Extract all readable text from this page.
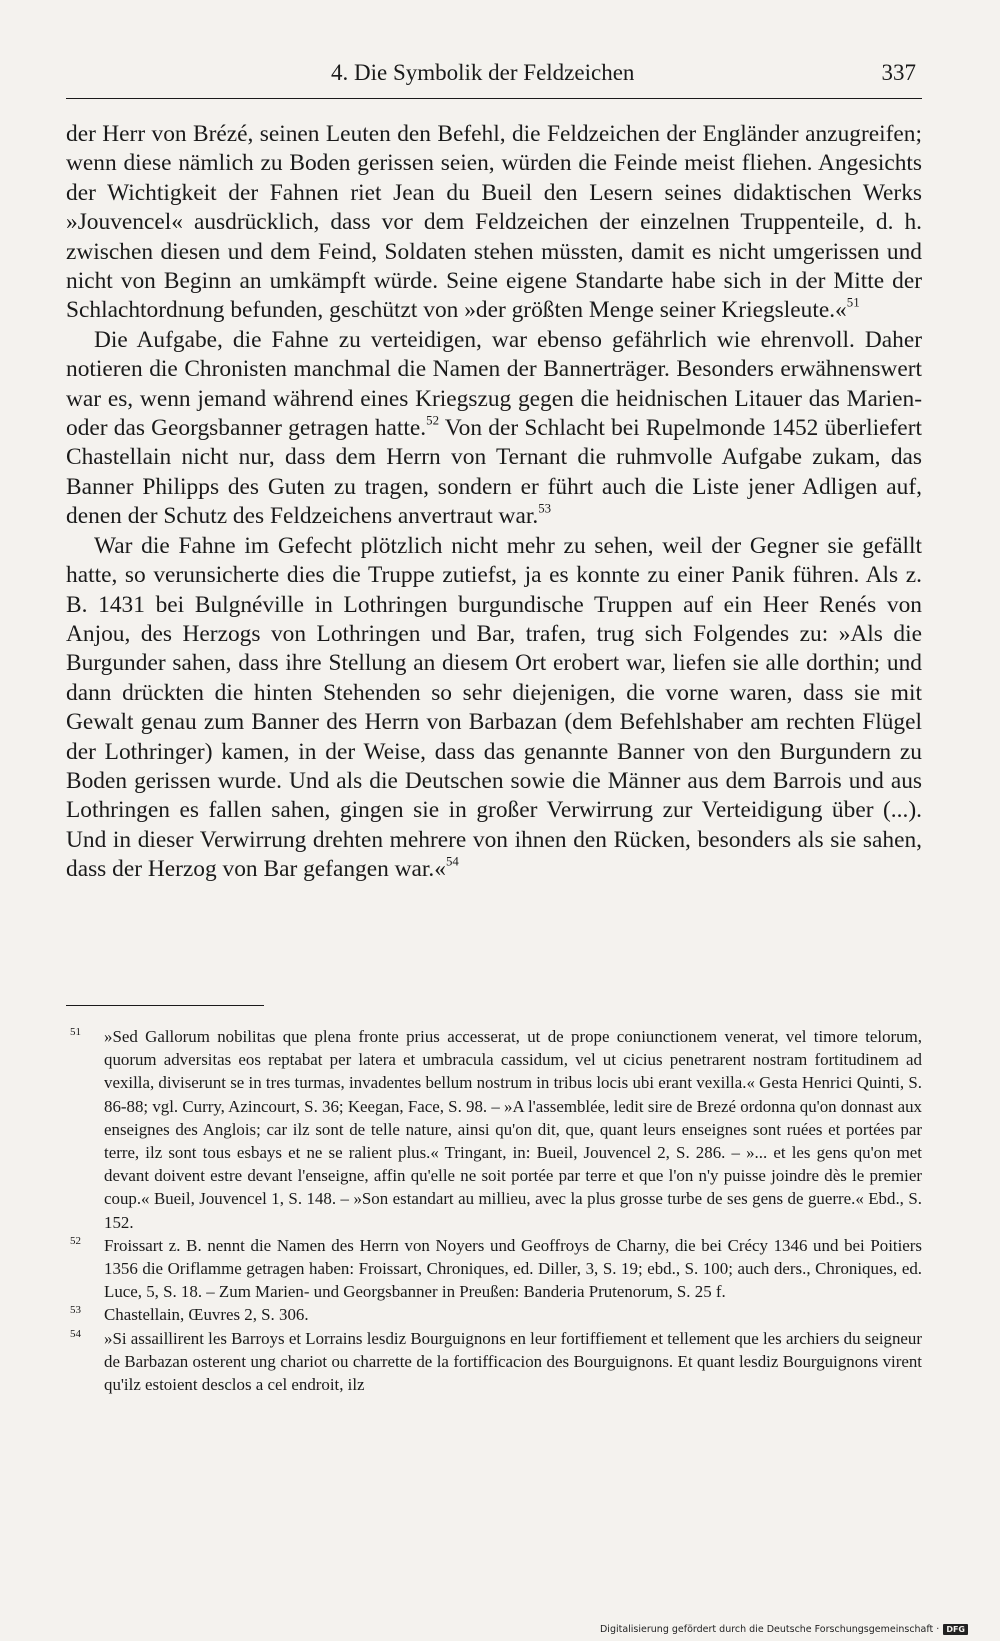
4. Die Symbolik der Feldzeichen	337

der Herr von Brézé, seinen Leuten den Befehl, die Feldzeichen der Engländer anzugreifen; wenn diese nämlich zu Boden gerissen seien, würden die Feinde meist fliehen. Angesichts der Wichtigkeit der Fahnen riet Jean du Bueil den Lesern seines didaktischen Werks »Jouvencel« ausdrücklich, dass vor dem Feldzeichen der einzelnen Truppenteile, d. h. zwischen diesen und dem Feind, Soldaten stehen müssten, damit es nicht umgerissen und nicht von Beginn an umkämpft würde. Seine eigene Standarte habe sich in der Mitte der Schlachtordnung befunden, geschützt von »der größten Menge seiner Kriegsleute.«$^{51}$

Die Aufgabe, die Fahne zu verteidigen, war ebenso gefährlich wie ehrenvoll. Daher notieren die Chronisten manchmal die Namen der Bannerträger. Besonders erwähnenswert war es, wenn jemand während eines Kriegszug gegen die heidnischen Litauer das Marien- oder das Georgsbanner getragen hatte.$^{52}$ Von der Schlacht bei Rupelmonde 1452 überliefert Chastellain nicht nur, dass dem Herrn von Ternant die ruhmvolle Aufgabe zukam, das Banner Philipps des Guten zu tragen, sondern er führt auch die Liste jener Adligen auf, denen der Schutz des Feldzeichens anvertraut war.$^{53}$

War die Fahne im Gefecht plötzlich nicht mehr zu sehen, weil der Gegner sie gefällt hatte, so verunsicherte dies die Truppe zutiefst, ja es konnte zu einer Panik führen. Als z. B. 1431 bei Bulgnéville in Lothringen burgundische Truppen auf ein Heer Renés von Anjou, des Herzogs von Lothringen und Bar, trafen, trug sich Folgendes zu: »Als die Burgunder sahen, dass ihre Stellung an diesem Ort erobert war, liefen sie alle dorthin; und dann drückten die hinten Stehenden so sehr diejenigen, die vorne waren, dass sie mit Gewalt genau zum Banner des Herrn von Barbazan (dem Befehlshaber am rechten Flügel der Lothringer) kamen, in der Weise, dass das genannte Banner von den Burgundern zu Boden gerissen wurde. Und als die Deutschen sowie die Männer aus dem Barrois und aus Lothringen es fallen sahen, gingen sie in großer Verwirrung zur Verteidigung über (...). Und in dieser Verwirrung drehten mehrere von ihnen den Rücken, besonders als sie sahen, dass der Herzog von Bar gefangen war.«$^{54}$

51 »Sed Gallorum nobilitas que plena fronte prius accesserat, ut de prope coniunctionem venerat, vel timore telorum, quorum adversitas eos reptabat per latera et umbracula cassidum, vel ut cicius penetrarent nostram fortitudinem ad vexilla, diviserunt se in tres turmas, invadentes bellum nostrum in tribus locis ubi erant vexilla.« Gesta Henrici Quinti, S. 86-88; vgl. Curry, Azincourt, S. 36; Keegan, Face, S. 98. – »A l'assemblée, ledit sire de Brezé ordonna qu'on donnast aux enseignes des Anglois; car ilz sont de telle nature, ainsi qu'on dit, que, quant leurs enseignes sont ruées et portées par terre, ilz sont tous esbays et ne se ralient plus.« Tringant, in: Bueil, Jouvencel 2, S. 286. – »... et les gens qu'on met devant doivent estre devant l'enseigne, affin qu'elle ne soit portée par terre et que l'on n'y puisse joindre dès le premier coup.« Bueil, Jouvencel 1, S. 148. – »Son estandart au millieu, avec la plus grosse turbe de ses gens de guerre.« Ebd., S. 152.

52 Froissart z. B. nennt die Namen des Herrn von Noyers und Geoffroys de Charny, die bei Crécy 1346 und bei Poitiers 1356 die Oriflamme getragen haben: Froissart, Chroniques, ed. Diller, 3, S. 19; ebd., S. 100; auch ders., Chroniques, ed. Luce, 5, S. 18. – Zum Marien- und Georgsbanner in Preußen: Banderia Prutenorum, S. 25 f.

53 Chastellain, Œuvres 2, S. 306.

54 »Si assaillirent les Barroys et Lorrains lesdiz Bourguignons en leur fortiffiement et tellement que les archiers du seigneur de Barbazan osterent ung chariot ou charrette de la fortifficacion des Bourguignons. Et quant lesdiz Bourguignons virent qu'ilz estoient desclos a cel endroit, ilz

Digitalisierung gefördert durch die Deutsche Forschungsgemeinschaft · DFG
